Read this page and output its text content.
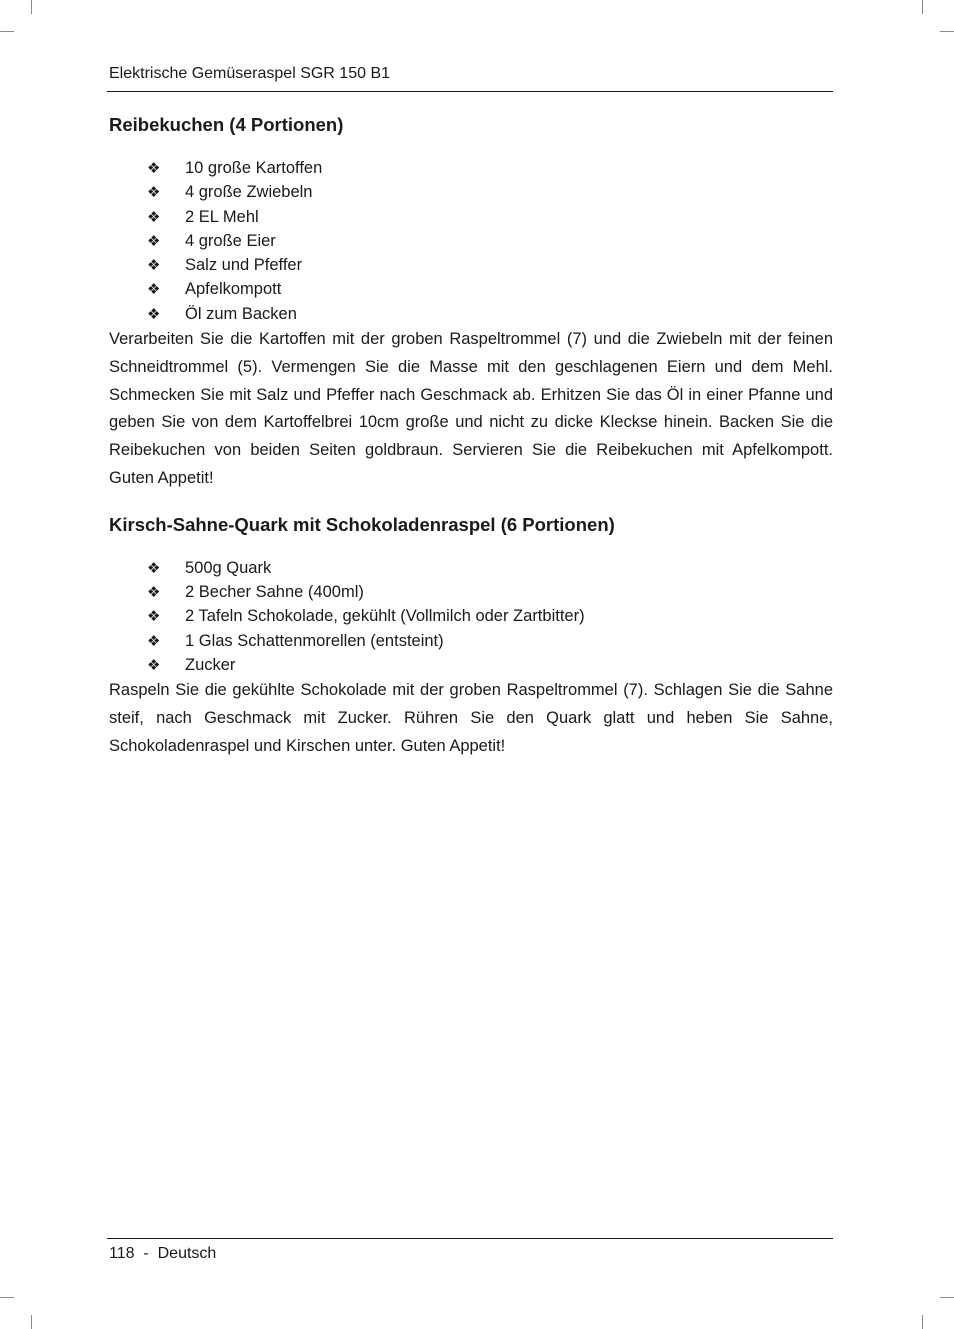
Elektrische Gemüseraspel SGR 150 B1
Reibekuchen (4 Portionen)
❖ 10 große Kartoffen
❖ 4 große Zwiebeln
❖ 2 EL Mehl
❖ 4 große Eier
❖ Salz und Pfeffer
❖ Apfelkompott
❖ Öl zum Backen

Verarbeiten Sie die Kartoffen mit der groben Raspeltrommel (7) und die Zwiebeln mit der feinen Schneidtrommel (5). Vermengen Sie die Masse mit den geschlagenen Eiern und dem Mehl. Schmecken Sie mit Salz und Pfeffer nach Geschmack ab. Erhitzen Sie das Öl in einer Pfanne und geben Sie von dem Kartoffelbrei 10cm große und nicht zu dicke Kleckse hinein. Backen Sie die Reibekuchen von beiden Seiten goldbraun. Servieren Sie die Reibekuchen mit Apfelkompott. Guten Appetit!

Kirsch-Sahne-Quark mit Schokoladenraspel (6 Portionen)
❖ 500g Quark
❖ 2 Becher Sahne (400ml)
❖ 2 Tafeln Schokolade, gekühlt (Vollmilch oder Zartbitter)
❖ 1 Glas Schattenmorellen (entsteint)
❖ Zucker

Raspeln Sie die gekühlte Schokolade mit der groben Raspeltrommel (7). Schlagen Sie die Sahne steif, nach Geschmack mit Zucker. Rühren Sie den Quark glatt und heben Sie Sahne, Schokoladenraspel und Kirschen unter. Guten Appetit!

118 - Deutsch
